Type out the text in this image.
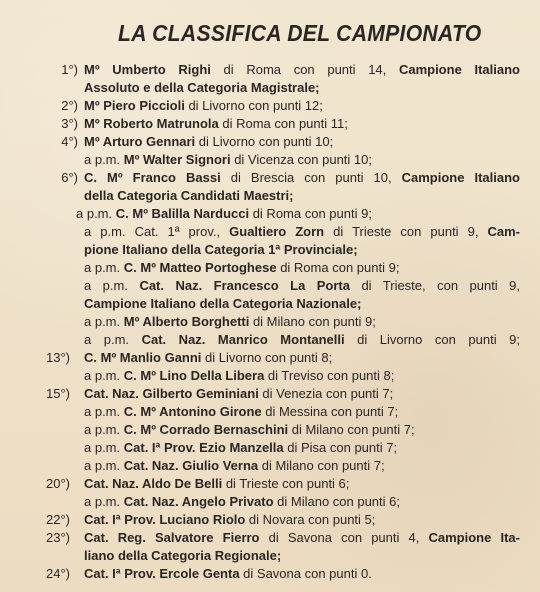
LA CLASSIFICA DEL CAMPIONATO
1°) Mº Umberto Righi di Roma con punti 14, Campione Italiano
Assoluto e della Categoria Magistrale;
2°) Mº Piero Piccioli di Livorno con punti 12;
3°) Mº Roberto Matrunola di Roma con punti 11;
4°) Mº Arturo Gennari di Livorno con punti 10;
a p.m. Mº Walter Signori di Vicenza con punti 10;
6°) C. Mº Franco Bassi di Brescia con punti 10, Campione Italiano
della Categoria Candidati Maestri;
a p.m. C. Mº Balilla Narducci di Roma con punti 9;
a p.m. Cat. 1ª prov., Gualtiero Zorn di Trieste con punti 9, Cam-
pione Italiano della Categoria 1ª Provinciale;
a p.m. C. Mº Matteo Portoghese di Roma con punti 9;
a p.m. Cat. Naz. Francesco La Porta di Trieste, con punti 9,
Campione Italiano della Categoria Nazionale;
a p.m. Mº Alberto Borghetti di Milano con punti 9;
a p.m. Cat. Naz. Manrico Montanelli di Livorno con punti 9;
13°) C. Mº Manlio Ganni di Livorno con punti 8;
a p.m. C. Mº Lino Della Libera di Treviso con punti 8;
15°) Cat. Naz. Gilberto Geminiani di Venezia con punti 7;
a p.m. C. Mº Antonino Girone di Messina con punti 7;
a p.m. C. Mº Corrado Bernaschini di Milano con punti 7;
a p.m. Cat. Iª Prov. Ezio Manzella di Pisa con punti 7;
a p.m. Cat. Naz. Giulio Verna di Milano con punti 7;
20°) Cat. Naz. Aldo De Belli di Trieste con punti 6;
a p.m. Cat. Naz. Angelo Privato di Milano con punti 6;
22°) Cat. Iª Prov. Luciano Riolo di Novara con punti 5;
23°) Cat. Reg. Salvatore Fierro di Savona con punti 4, Campione Ita-
liano della Categoria Regionale;
24°) Cat. Iª Prov. Ercole Genta di Savona con punti 0.
